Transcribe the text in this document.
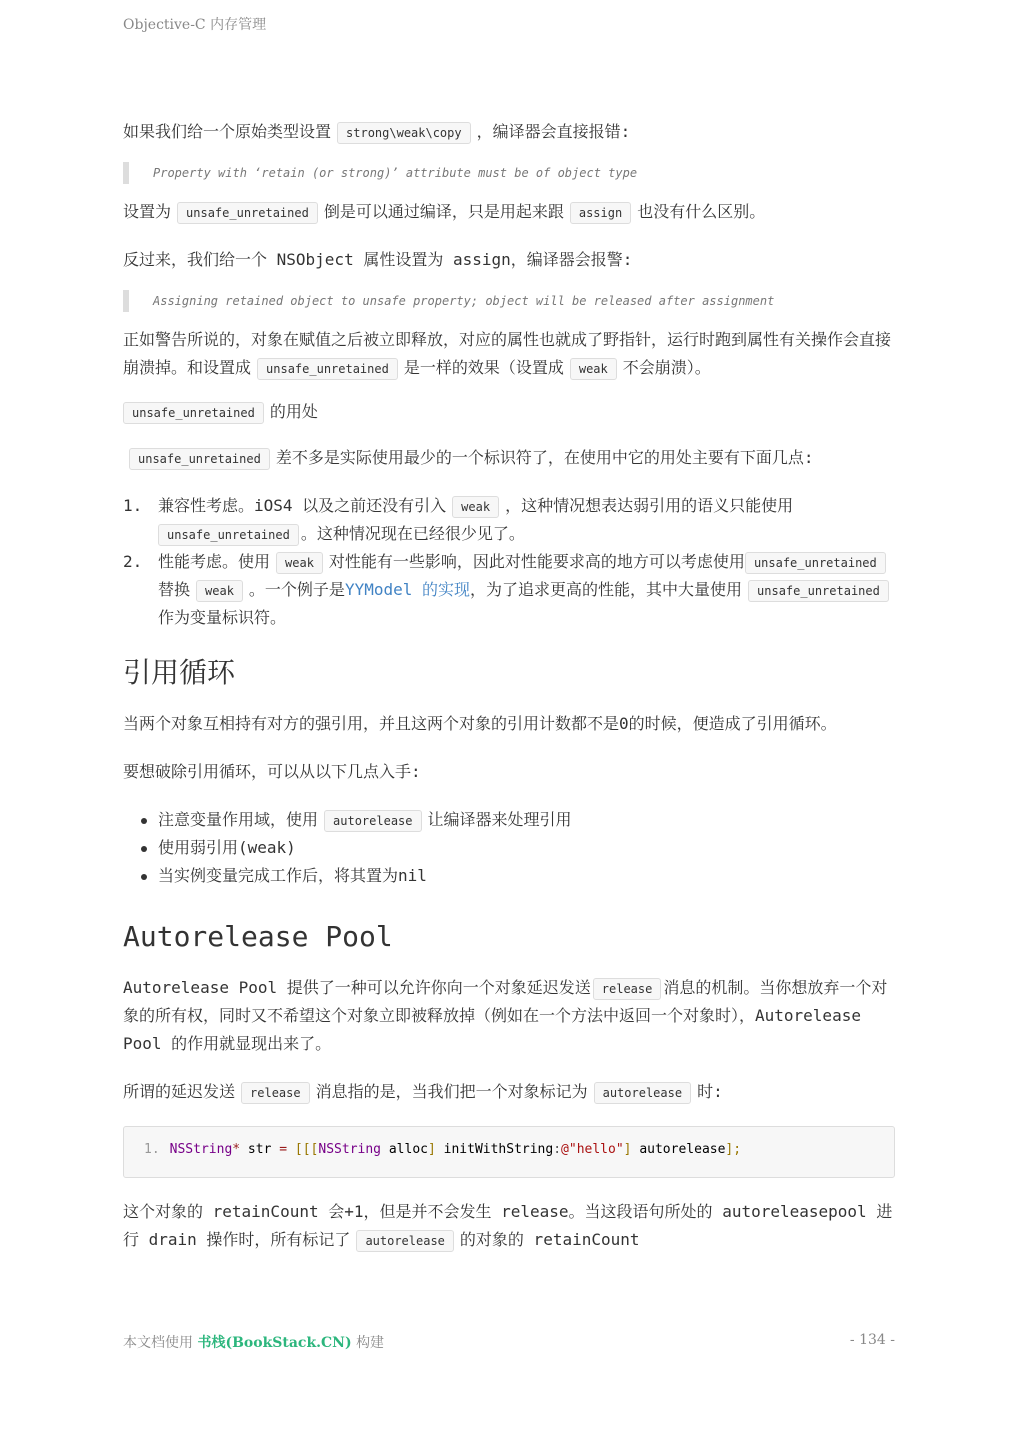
Objective-C 内存管理

如果我们给一个原始类型设置 strong\weak\copy ，编译器会直接报错:

Property with ‘retain (or strong)’ attribute must be of object type

设置为 unsafe_unretained 倒是可以通过编译，只是用起来跟 assign 也没有什么区别。

反过来，我们给一个 NSObject 属性设置为 assign，编译器会报警:

Assigning retained object to unsafe property; object will be released after assignment

正如警告所说的，对象在赋值之后被立即释放，对应的属性也就成了野指针，运行时跑到属性有关操作会直接崩溃掉。和设置成 unsafe_unretained 是一样的效果（设置成 weak 不会崩溃）。

unsafe_unretained 的用处

unsafe_unretained 差不多是实际使用最少的一个标识符了，在使用中它的用处主要有下面几点:

1. 兼容性考虑。iOS4 以及之前还没有引入 weak ，这种情况想表达弱引用的语义只能使用unsafe_unretained 。这种情况现在已经很少见了。
2. 性能考虑。使用 weak 对性能有一些影响，因此对性能要求高的地方可以考虑使用 unsafe_unretained替换 weak 。一个例子是YYModel 的实现，为了追求更高的性能，其中大量使用 unsafe_unretained作为变量标识符。
引用循环

当两个对象互相持有对方的强引用，并且这两个对象的引用计数都不是0的时候，便造成了引用循环。

要想破除引用循环，可以从以下几点入手:

注意变量作用域，使用 autorelease 让编译器来处理引用
使用弱引用(weak)
当实例变量完成工作后，将其置为nil
Autorelease Pool

Autorelease Pool 提供了一种可以允许你向一个对象延迟发送 release 消息的机制。当你想放弃一个对象的所有权，同时又不希望这个对象立即被释放掉（例如在一个方法中返回一个对象时），Autorelease Pool 的作用就显现出来了。

所谓的延迟发送 release 消息指的是，当我们把一个对象标记为 autorelease 时:

1. NSString* str = [[[NSString alloc] initWithString:@"hello"] autorelease];

这个对象的 retainCount 会+1，但是并不会发生 release。当这段语句所处的 autoreleasepool 进行 drain 操作时，所有标记了 autorelease 的对象的 retainCount

本文档使用 书栈(BookStack.CN) 构建	- 134 -
